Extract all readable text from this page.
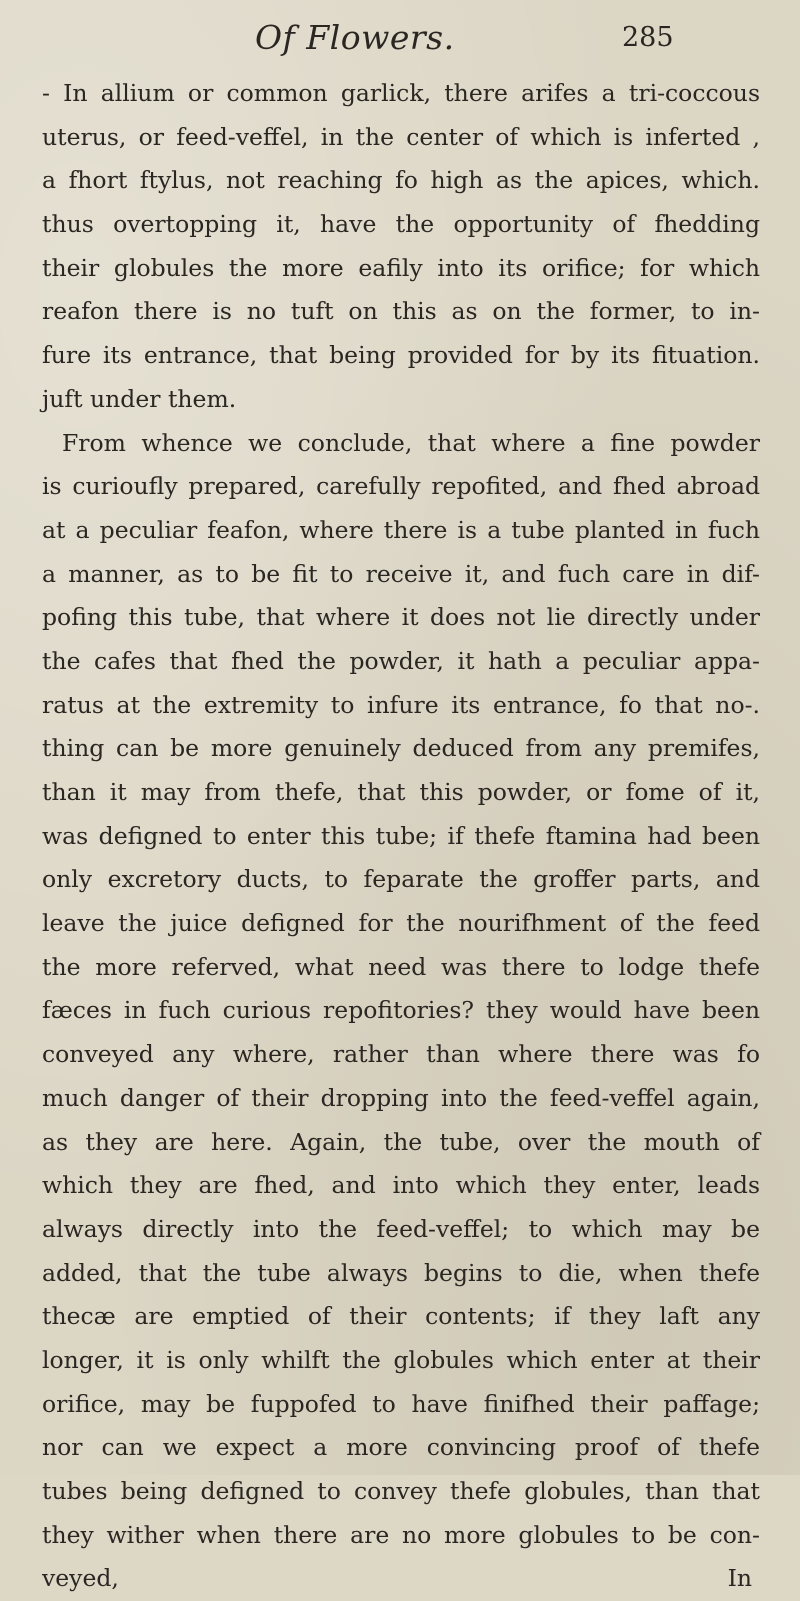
Of Flowers.	285
- In allium or common garlick, there arifes a tri-coccous
uterus, or feed-veffel, in the center of which is inferted ,
a fhort ftylus, not reaching fo high as the apices, which.
thus overtopping it, have the opportunity of fhedding
their globules the more eafily into its orifice; for which
reafon there is no tuft on this as on the former, to in-
fure its entrance, that being provided for by its fituation.
juft under them.
From whence we conclude, that where a fine powder
is curioufly prepared, carefully repofited, and fhed abroad
at a peculiar feafon, where there is a tube planted in fuch
a manner, as to be fit to receive it, and fuch care in dif-
pofing this tube, that where it does not lie directly under
the cafes that fhed the powder, it hath a peculiar appa-
ratus at the extremity to infure its entrance, fo that no-.
thing can be more genuinely deduced from any premifes,
than it may from thefe, that this powder, or fome of it,
was defigned to enter this tube; if thefe ftamina had been
only excretory ducts, to feparate the groffer parts, and
leave the juice defigned for the nourifhment of the feed
the more referved, what need was there to lodge thefe
fæces in fuch curious repofitories? they would have been
conveyed any where, rather than where there was fo
much danger of their dropping into the feed-veffel again,
as they are here. Again, the tube, over the mouth of
which they are fhed, and into which they enter, leads
always directly into the feed-veffel; to which may be
added, that the tube always begins to die, when thefe
thecæ are emptied of their contents; if they laft any
longer, it is only whilft the globules which enter at their
orifice, may be fuppofed to have finifhed their paffage;
nor can we expect a more convincing proof of thefe
tubes being defigned to convey thefe globules, than that
they wither when there are no more globules to be con-
veyed,	In
